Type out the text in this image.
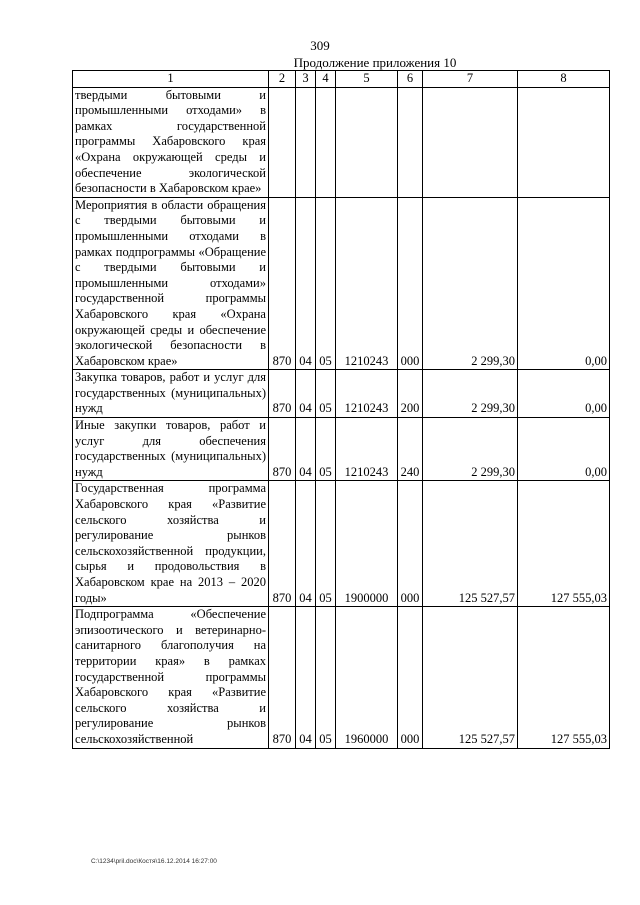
309
Продолжение приложения 10
1	2	3	4	5	6	7	8
твердыми бытовыми и промышленными отходами» в рамках государственной программы Хабаровского края «Охрана окружающей среды и обеспечение экологической безопасности в Хабаровском крае»							
Мероприятия в области обращения с твердыми бытовыми и промышленными отходами в рамках подпрограммы «Обращение с твердыми бытовыми и промышленными отходами» государственной программы Хабаровского края «Охрана окружающей среды и обеспечение экологической безопасности в Хабаровском крае»	870	04	05	1210243	000	2 299,30	0,00
Закупка товаров, работ и услуг для государственных (муниципальных) нужд	870	04	05	1210243	200	2 299,30	0,00
Иные закупки товаров, работ и услуг для обеспечения государственных (муниципальных) нужд	870	04	05	1210243	240	2 299,30	0,00
Государственная программа Хабаровского края «Развитие сельского хозяйства и регулирование рынков сельскохозяйственной продукции, сырья и продовольствия в Хабаровском крае на 2013 – 2020 годы»	870	04	05	1900000	000	125 527,57	127 555,03
Подпрограмма «Обеспечение эпизоотического и ветеринарно-санитарного благополучия на территории края» в рамках государственной программы Хабаровского края «Развитие сельского хозяйства и регулирование рынков сельскохозяйственной	870	04	05	1960000	000	125 527,57	127 555,03
C:\1234\pril.doc\Костя\16.12.2014 16:27:00
